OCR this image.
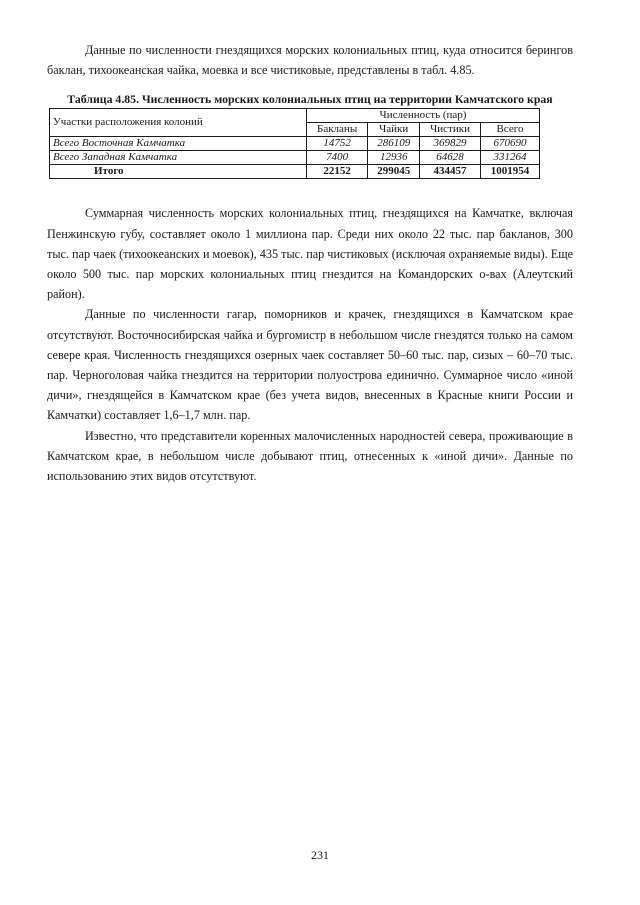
Данные по численности гнездящихся морских колониальных птиц, куда относится берингов баклан, тихоокеанская чайка, моевка и все чистиковые, представлены в табл. 4.85.

Таблица 4.85. Численность морских колониальных птиц на территории Камчатского края
Участки расположения колоний	Численность (пар)			
	Бакланы	Чайки	Чистики	Всего
Всего Восточная Камчатка	14752	286109	369829	670690
Всего Западная Камчатка	7400	12936	64628	331264
Итого	22152	299045	434457	1001954

Суммарная численность морских колониальных птиц, гнездящихся на Камчатке, включая Пенжинскую губу, составляет около 1 миллиона пар. Среди них около 22 тыс. пар бакланов, 300 тыс. пар чаек (тихоокеанских и моевок), 435 тыс. пар чистиковых (исключая охраняемые виды). Еще около 500 тыс. пар морских колониальных птиц гнездится на Командорских о-вах (Алеутский район).

Данные по численности гагар, поморников и крачек, гнездящихся в Камчатском крае отсутствуют. Восточносибирская чайка и бургомистр в небольшом числе гнездятся только на самом севере края. Численность гнездящихся озерных чаек составляет 50–60 тыс. пар, сизых – 60–70 тыс. пар. Черноголовая чайка гнездится на территории полуострова единично. Суммарное число «иной дичи», гнездящейся в Камчатском крае (без учета видов, внесенных в Красные книги России и Камчатки) составляет 1,6–1,7 млн. пар.

Известно, что представители коренных малочисленных народностей севера, проживающие в Камчатском крае, в небольшом числе добывают птиц, отнесенных к «иной дичи». Данные по использованию этих видов отсутствуют.

231
